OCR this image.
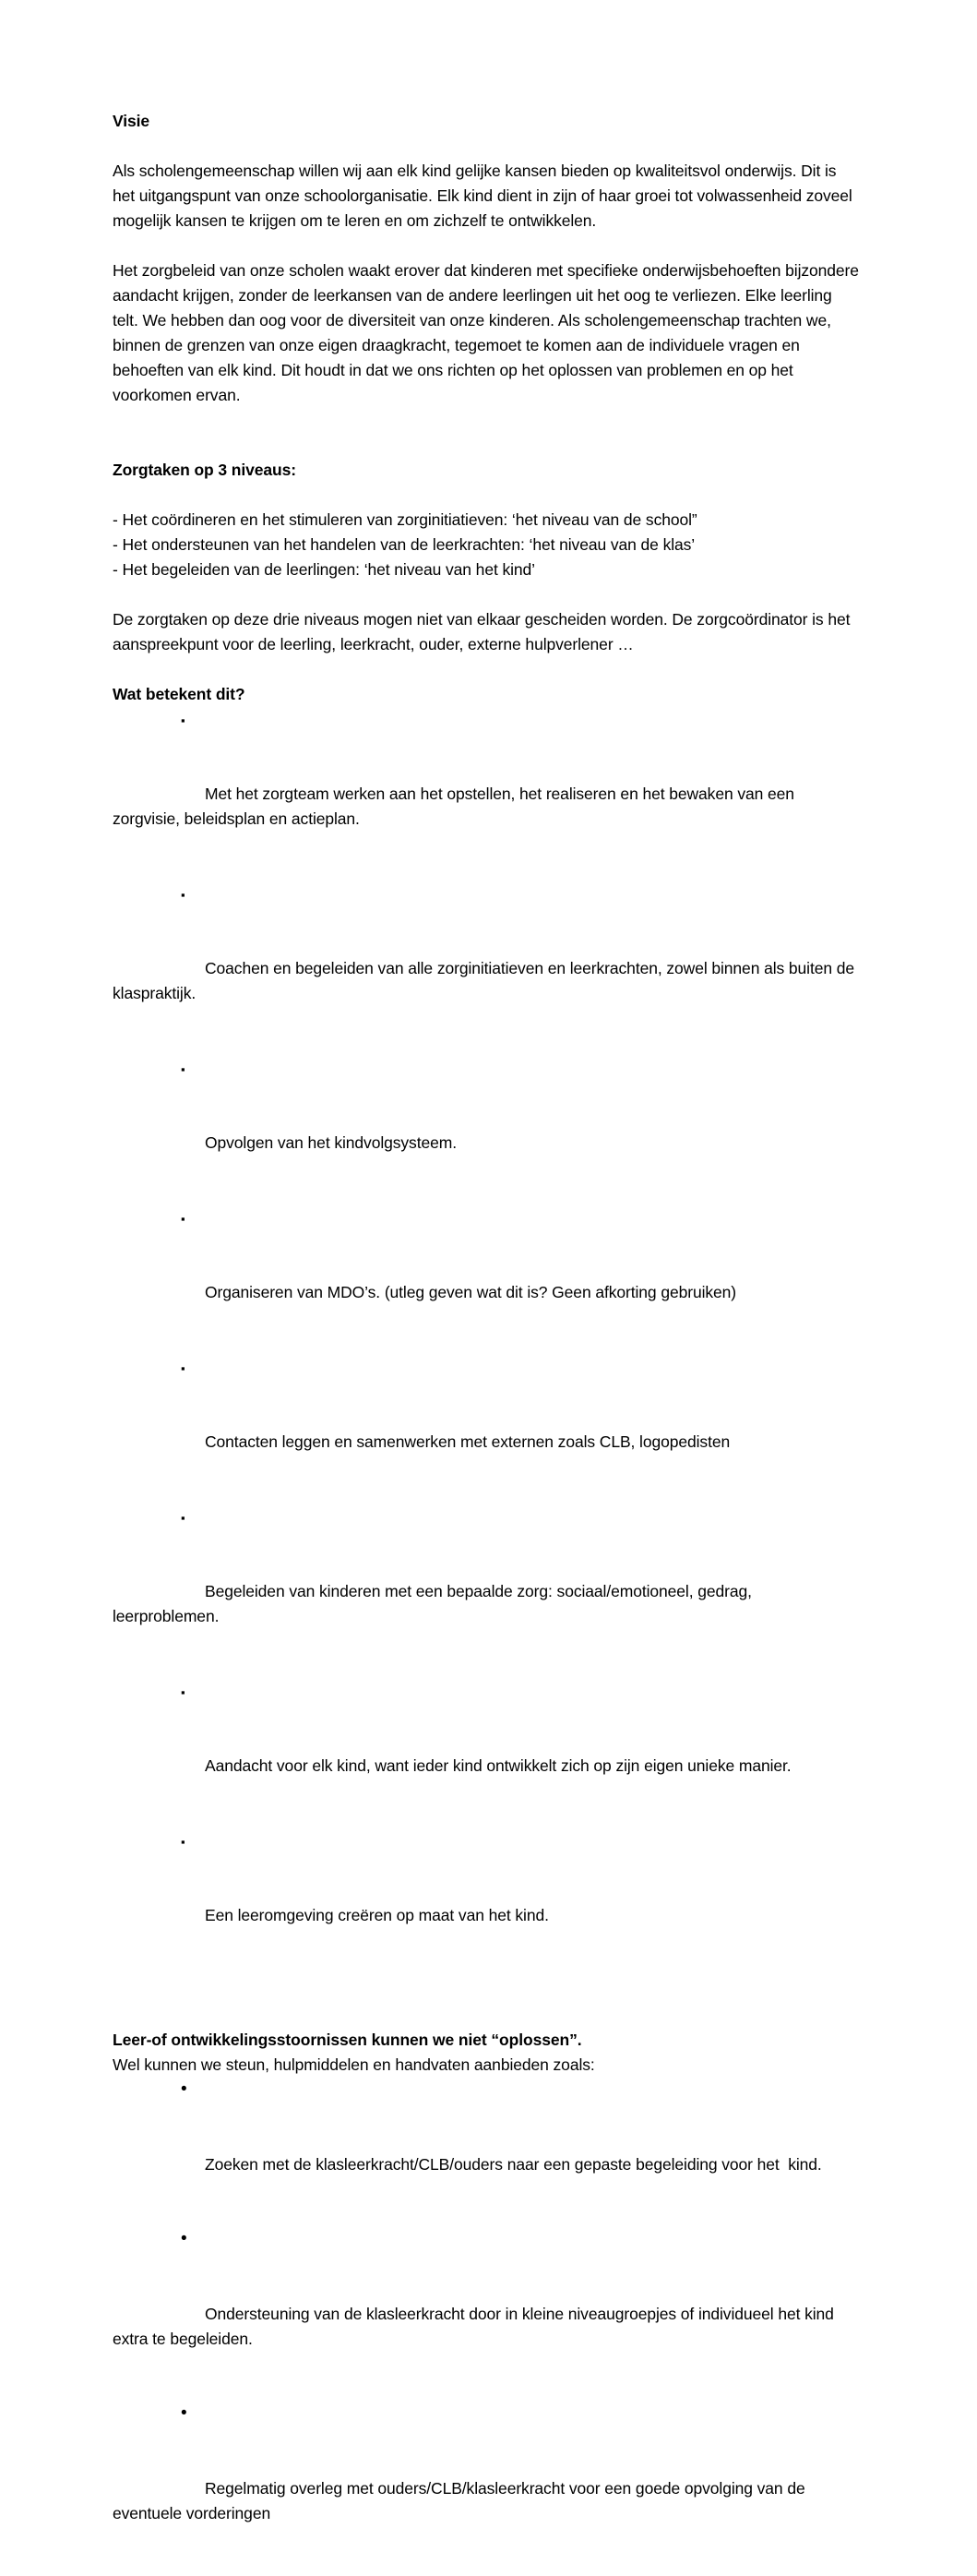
Visie

Als scholengemeenschap willen wij aan elk kind gelijke kansen bieden op kwaliteitsvol onderwijs. Dit is het uitgangspunt van onze schoolorganisatie. Elk kind dient in zijn of haar groei tot volwassenheid zoveel mogelijk kansen te krijgen om te leren en om zichzelf te ontwikkelen.

Het zorgbeleid van onze scholen waakt erover dat kinderen met specifieke onderwijsbehoeften bijzondere aandacht krijgen, zonder de leerkansen van de andere leerlingen uit het oog te verliezen. Elke leerling telt. We hebben dan oog voor de diversiteit van onze kinderen. Als scholengemeenschap trachten we, binnen de grenzen van onze eigen draagkracht, tegemoet te komen aan de individuele vragen en behoeften van elk kind. Dit houdt in dat we ons richten op het oplossen van problemen en op het voorkomen ervan.

Zorgtaken op 3 niveaus:

- Het coördineren en het stimuleren van zorginitiatieven: ‘het niveau van de school”

- Het ondersteunen van het handelen van de leerkrachten: ‘het niveau van de klas’

- Het begeleiden van de leerlingen: ‘het niveau van het kind’

De zorgtaken op deze drie niveaus mogen niet van elkaar gescheiden worden. De zorgcoördinator is het aanspreekpunt voor de leerling, leerkracht, ouder, externe hulpverlener …

Wat betekent dit?

▪

Met het zorgteam werken aan het opstellen, het realiseren en het bewaken van een zorgvisie, beleidsplan en actieplan.

▪

Coachen en begeleiden van alle zorginitiatieven en leerkrachten, zowel binnen als buiten de klaspraktijk.

▪

Opvolgen van het kindvolgsysteem.

▪

Organiseren van MDO’s. (utleg geven wat dit is? Geen afkorting gebruiken)

▪

Contacten leggen en samenwerken met externen zoals CLB, logopedisten

▪

Begeleiden van kinderen met een bepaalde zorg: sociaal/emotioneel, gedrag, leerproblemen.

▪

Aandacht voor elk kind, want ieder kind ontwikkelt zich op zijn eigen unieke manier.

▪

Een leeromgeving creëren op maat van het kind.

Leer-of ontwikkelingsstoornissen kunnen we niet “oplossen”.

Wel kunnen we steun, hulpmiddelen en handvaten aanbieden zoals:

•

Zoeken met de klasleerkracht/CLB/ouders naar een gepaste begeleiding voor het  kind.

•

Ondersteuning van de klasleerkracht door in kleine niveaugroepjes of individueel het kind extra te begeleiden.

•

Regelmatig overleg met ouders/CLB/klasleerkracht voor een goede opvolging van de eventuele vorderingen
